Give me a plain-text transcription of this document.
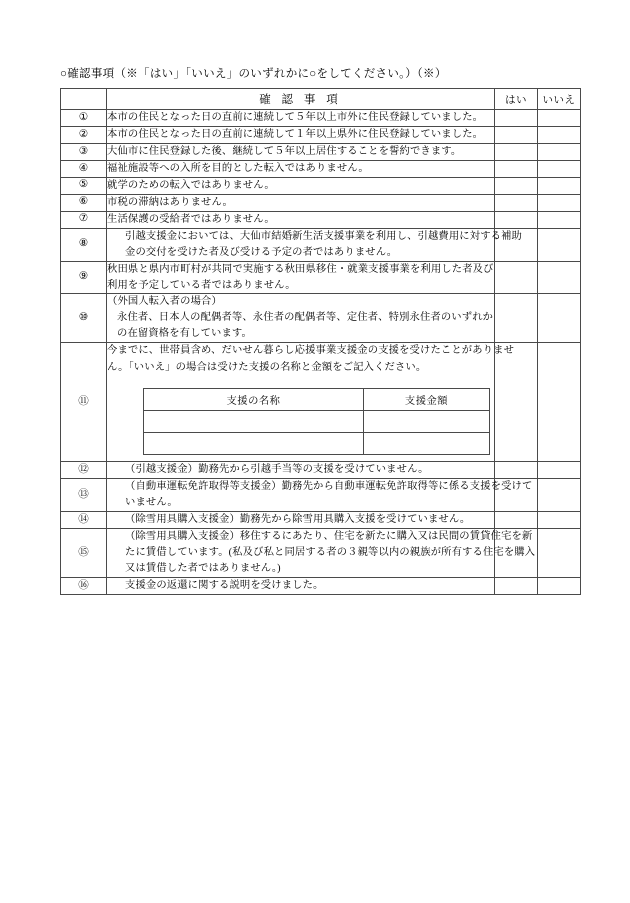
○確認事項（※「はい」「いいえ」のいずれかに○をしてください。）（※）
	確 認 事 項	はい	いいえ
①	本市の住民となった日の直前に連続して５年以上市外に住民登録していました。

②	本市の住民となった日の直前に連続して１年以上県外に住民登録していました。

③	大仙市に住民登録した後、継続して５年以上居住することを誓約できます。

④	福祉施設等への入所を目的とした転入ではありません。

⑤	就学のための転入ではありません。

⑥	市税の滞納はありません。

⑦	生活保護の受給者ではありません。

⑧	
引越支援金においては、大仙市結婚新生活支援事業を利用し、引越費用に対する補助
金の交付を受けた者及び受ける予定の者ではありません。

⑨	
秋田県と県内市町村が共同で実施する秋田県移住・就業支援事業を利用した者及び
利用を予定している者ではありません。

⑩	
（外国人転入者の場合）
永住者、日本人の配偶者等、永住者の配偶者等、定住者、特別永住者のいずれか
の在留資格を有しています。

⑪	
今までに、世帯員含め、だいせん暮らし応援事業支援金の支援を受けたことがありませ
ん。「いいえ」の場合は受けた支援の名称と金額をご記入ください。
支援の名称	支援金額

⑫	（引越支援金）勤務先から引越手当等の支援を受けていません。

⑬	
（自動車運転免許取得等支援金）勤務先から自動車運転免許取得等に係る支援を受けて
いません。

⑭	（除雪用具購入支援金）勤務先から除雪用具購入支援を受けていません。

⑮	
（除雪用具購入支援金）移住するにあたり、住宅を新たに購入又は民間の賃貸住宅を新
たに賃借しています。(私及び私と同居する者の３親等以内の親族が所有する住宅を購入
又は賃借した者ではありません。)

⑯	支援金の返還に関する説明を受けました。
